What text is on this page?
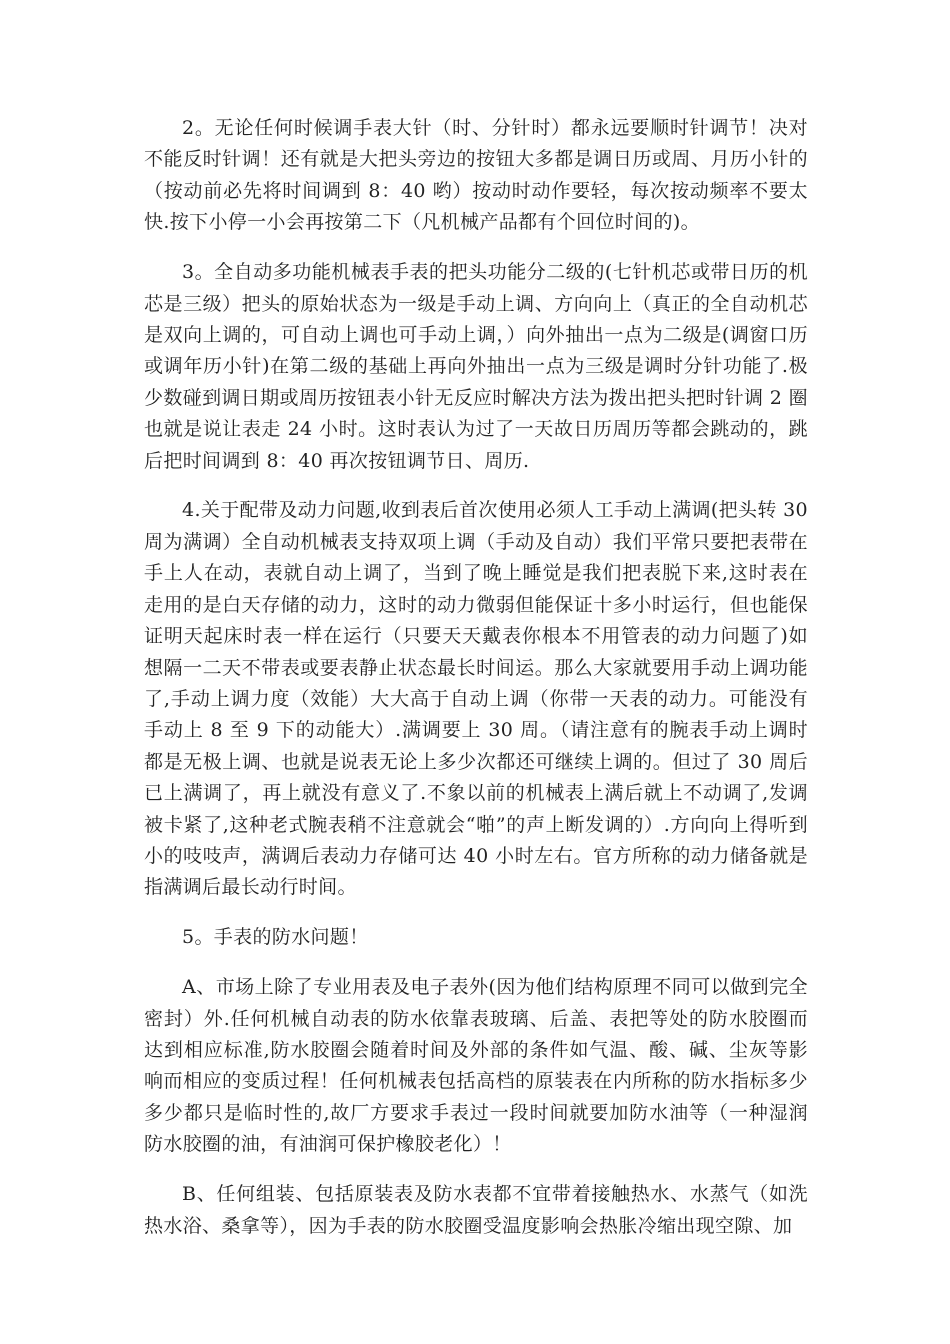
2。无论任何时候调手表大针（时、分针时）都永远要顺时针调节！决对不能反时针调！还有就是大把头旁边的按钮大多都是调日历或周、月历小针的（按动前必先将时间调到 8：40 哟）按动时动作要轻，每次按动频率不要太快.按下小停一小会再按第二下（凡机械产品都有个回位时间的)。

3。全自动多功能机械表手表的把头功能分二级的(七针机芯或带日历的机芯是三级）把头的原始状态为一级是手动上调、方向向上（真正的全自动机芯是双向上调的，可自动上调也可手动上调，）向外抽出一点为二级是(调窗口历或调年历小针)在第二级的基础上再向外抽出一点为三级是调时分针功能了.极少数碰到调日期或周历按钮表小针无反应时解决方法为拨出把头把时针调 2 圈也就是说让表走 24 小时。这时表认为过了一天故日历周历等都会跳动的，跳后把时间调到 8：40 再次按钮调节日、周历.

4.关于配带及动力问题,收到表后首次使用必须人工手动上满调(把头转 30 周为满调）全自动机械表支持双项上调（手动及自动）我们平常只要把表带在手上人在动，表就自动上调了，当到了晚上睡觉是我们把表脱下来,这时表在走用的是白天存储的动力，这时的动力微弱但能保证十多小时运行，但也能保证明天起床时表一样在运行（只要天天戴表你根本不用管表的动力问题了)如想隔一二天不带表或要表静止状态最长时间运。那么大家就要用手动上调功能了,手动上调力度（效能）大大高于自动上调（你带一天表的动力。可能没有手动上 8 至 9 下的动能大）.满调要上 30 周。（请注意有的腕表手动上调时都是无极上调、也就是说表无论上多少次都还可继续上调的。但过了 30 周后已上满调了，再上就没有意义了.不象以前的机械表上满后就上不动调了,发调被卡紧了,这种老式腕表稍不注意就会“啪”的声上断发调的）.方向向上得听到小的吱吱声，满调后表动力存储可达 40 小时左右。官方所称的动力储备就是指满调后最长动行时间。

5。手表的防水问题！

A、市场上除了专业用表及电子表外(因为他们结构原理不同可以做到完全密封）外.任何机械自动表的防水依靠表玻璃、后盖、表把等处的防水胶圈而达到相应标准,防水胶圈会随着时间及外部的条件如气温、酸、碱、尘灰等影响而相应的变质过程！任何机械表包括高档的原装表在内所称的防水指标多少多少都只是临时性的,故厂方要求手表过一段时间就要加防水油等（一种湿润防水胶圈的油，有油润可保护橡胶老化）！

B、任何组装、包括原装表及防水表都不宜带着接触热水、水蒸气（如洗热水浴、桑拿等），因为手表的防水胶圈受温度影响会热胀冷缩出现空隙、加
